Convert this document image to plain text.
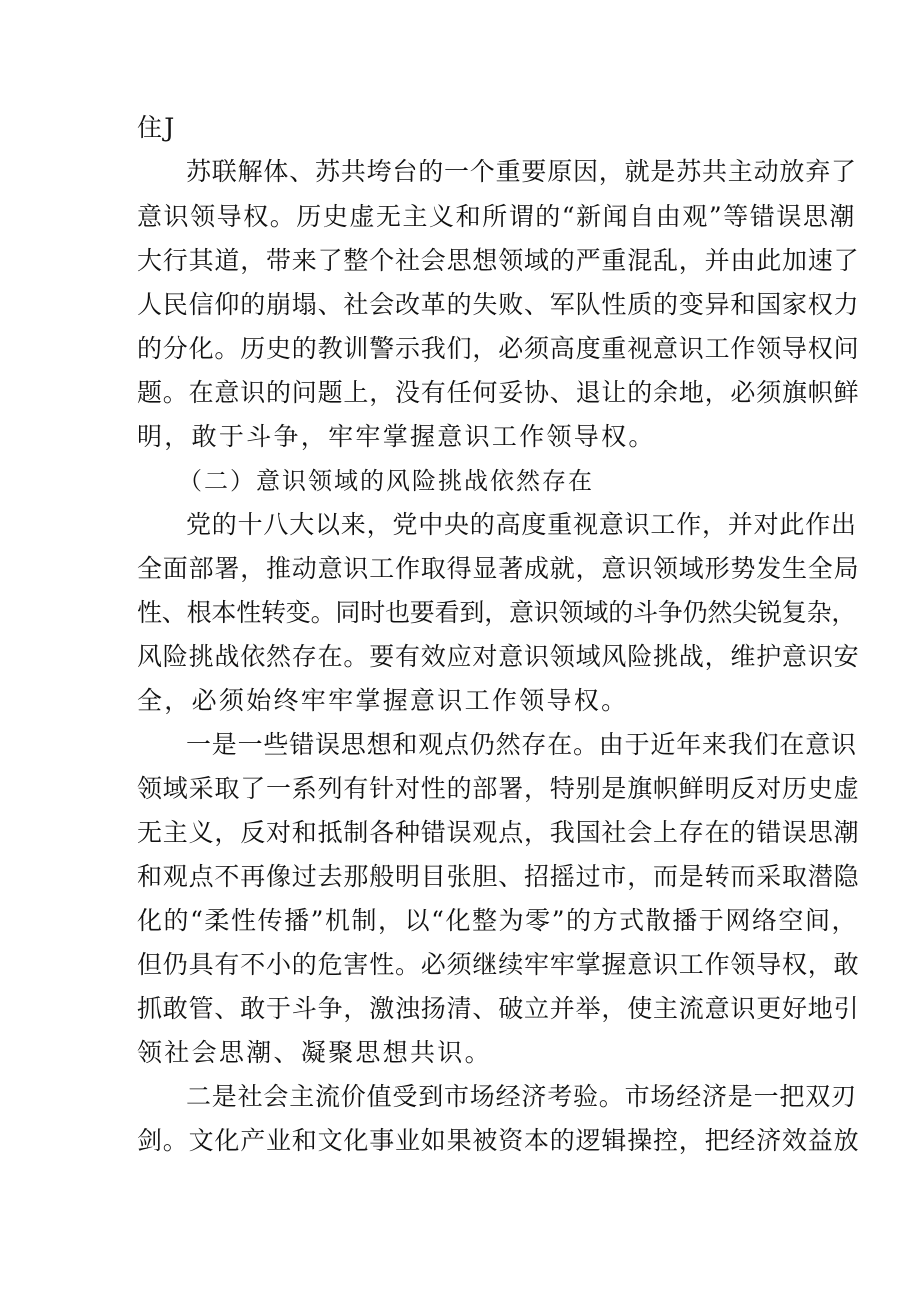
住J
苏联解体、苏共垮台的一个重要原因，就是苏共主动放弃了
意识领导权。历史虚无主义和所谓的“新闻自由观”等错误思潮
大行其道，带来了整个社会思想领域的严重混乱，并由此加速了
人民信仰的崩塌、社会改革的失败、军队性质的变异和国家权力
的分化。历史的教训警示我们，必须高度重视意识工作领导权问
题。在意识的问题上，没有任何妥协、退让的余地，必须旗帜鲜
明，敢于斗争，牢牢掌握意识工作领导权。
（二）意识领域的风险挑战依然存在
党的十八大以来，党中央的高度重视意识工作，并对此作出
全面部署，推动意识工作取得显著成就，意识领域形势发生全局
性、根本性转变。同时也要看到，意识领域的斗争仍然尖锐复杂，
风险挑战依然存在。要有效应对意识领域风险挑战，维护意识安
全，必须始终牢牢掌握意识工作领导权。
一是一些错误思想和观点仍然存在。由于近年来我们在意识
领域采取了一系列有针对性的部署，特别是旗帜鲜明反对历史虚
无主义，反对和抵制各种错误观点，我国社会上存在的错误思潮
和观点不再像过去那般明目张胆、招摇过市，而是转而采取潜隐
化的“柔性传播”机制，以“化整为零”的方式散播于网络空间，
但仍具有不小的危害性。必须继续牢牢掌握意识工作领导权，敢
抓敢管、敢于斗争，激浊扬清、破立并举，使主流意识更好地引
领社会思潮、凝聚思想共识。
二是社会主流价值受到市场经济考验。市场经济是一把双刃
剑。文化产业和文化事业如果被资本的逻辑操控，把经济效益放
